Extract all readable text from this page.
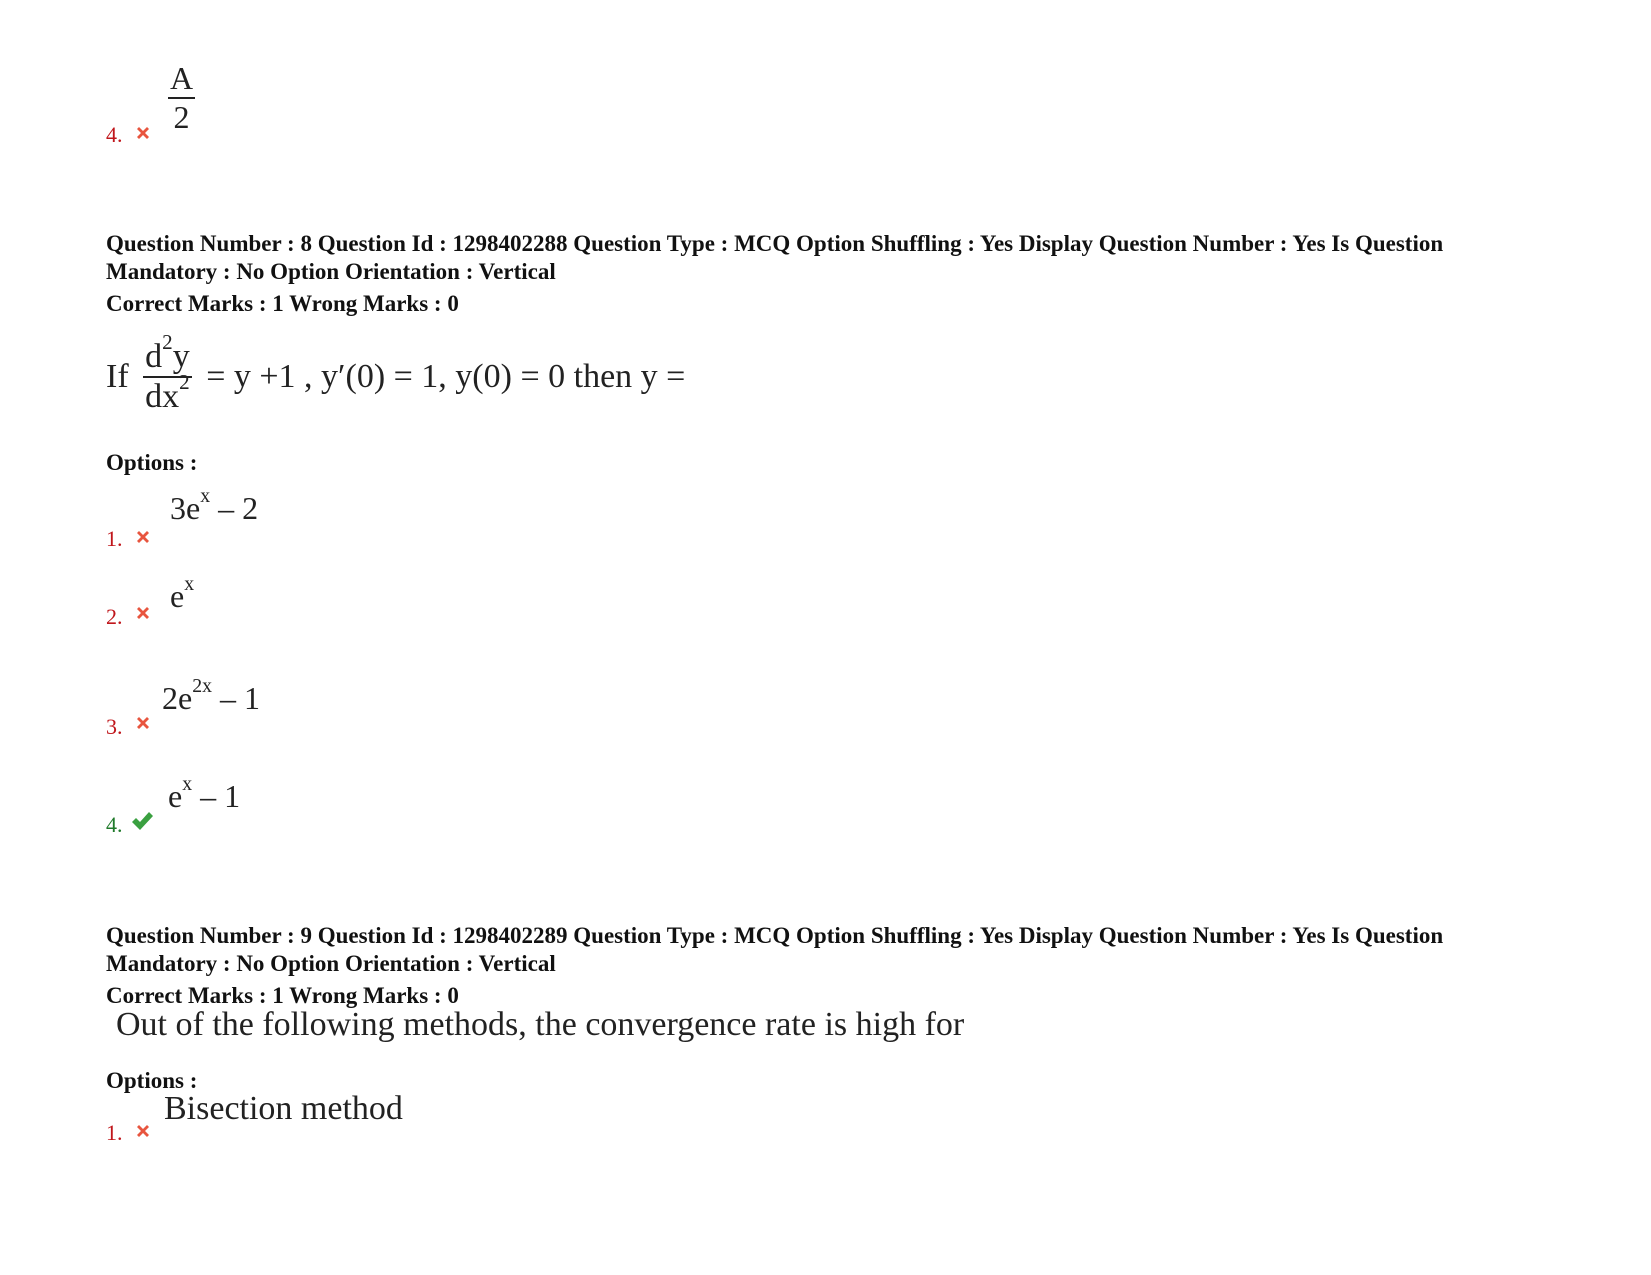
4. $\frac{A}{2}$
Question Number : 8 Question Id : 1298402288 Question Type : MCQ Option Shuffling : Yes Display Question Number : Yes Is Question
Mandatory : No Option Orientation : Vertical
Correct Marks : 1 Wrong Marks : 0
If $\frac{d^2y}{dx^2} = y +1$ , y′(0) = 1, y(0) = 0 then y =
Options :
1.
$3e^x - 2$
2.
$e^x$
3.
$2e^{2x} - 1$
4.
$e^x - 1$
Question Number : 9 Question Id : 1298402289 Question Type : MCQ Option Shuffling : Yes Display Question Number : Yes Is Question
Mandatory : No Option Orientation : Vertical
Correct Marks : 1 Wrong Marks : 0
Out of the following methods, the convergence rate is high for
Options :
1.
Bisection method
